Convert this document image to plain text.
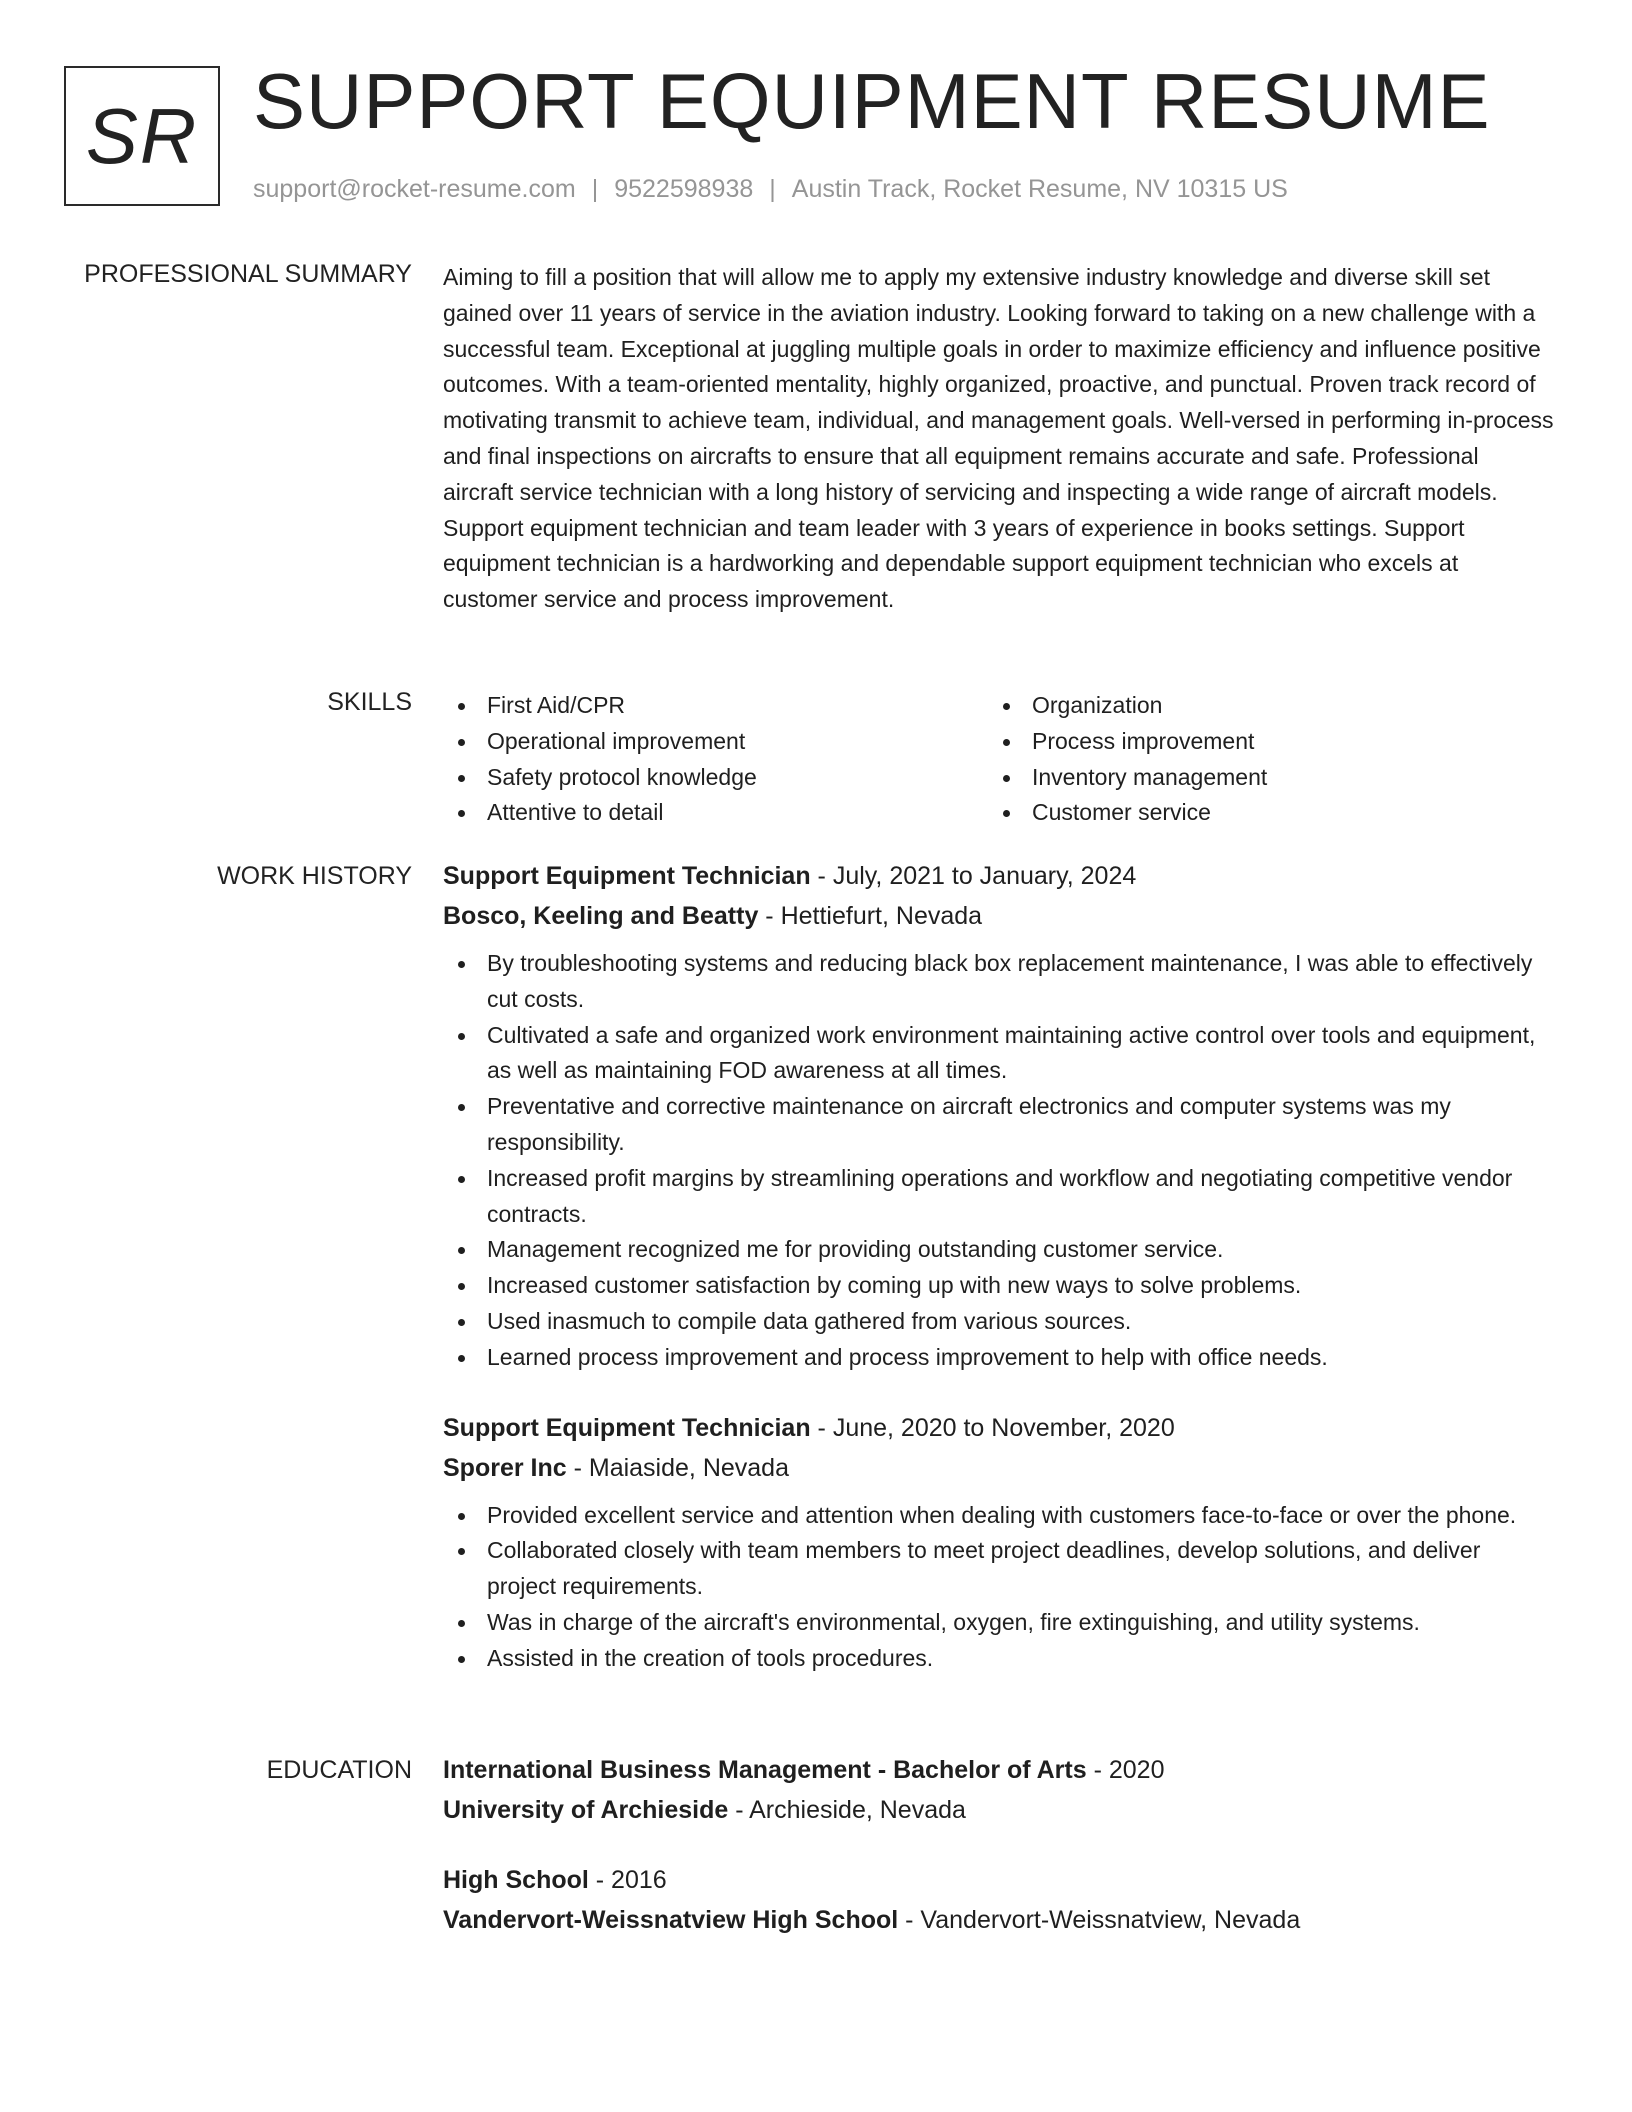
SR SUPPORT EQUIPMENT RESUME
support@rocket-resume.com | 9522598938 | Austin Track, Rocket Resume, NV 10315 US
PROFESSIONAL SUMMARY Aiming to fill a position that will allow me to apply my extensive industry knowledge and diverse skill set gained over 11 years of service in the aviation industry. Looking forward to taking on a new challenge with a successful team. Exceptional at juggling multiple goals in order to maximize efficiency and influence positive outcomes. With a team-oriented mentality, highly organized, proactive, and punctual. Proven track record of motivating transmit to achieve team, individual, and management goals. Well-versed in performing in-process and final inspections on aircrafts to ensure that all equipment remains accurate and safe. Professional aircraft service technician with a long history of servicing and inspecting a wide range of aircraft models. Support equipment technician and team leader with 3 years of experience in books settings. Support equipment technician is a hardworking and dependable support equipment technician who excels at customer service and process improvement.

SKILLS	First Aid/CPR
Operational improvement
Safety protocol knowledge
Attentive to detail
Organization
Process improvement
Inventory management
Customer service
WORK HISTORY Support Equipment Technician - July, 2021 to January, 2024
Bosco, Keeling and Beatty - Hettiefurt, Nevada
By troubleshooting systems and reducing black box replacement maintenance, I was able to effectively cut costs.
Cultivated a safe and organized work environment maintaining active control over tools and equipment, as well as maintaining FOD awareness at all times.
Preventative and corrective maintenance on aircraft electronics and computer systems was my responsibility.
Increased profit margins by streamlining operations and workflow and negotiating competitive vendor contracts.
Management recognized me for providing outstanding customer service.
Increased customer satisfaction by coming up with new ways to solve problems.
Used inasmuch to compile data gathered from various sources.
Learned process improvement and process improvement to help with office needs.
Support Equipment Technician - June, 2020 to November, 2020
Sporer Inc - Maiaside, Nevada
Provided excellent service and attention when dealing with customers face-to-face or over the phone.
Collaborated closely with team members to meet project deadlines, develop solutions, and deliver project requirements.
Was in charge of the aircraft's environmental, oxygen, fire extinguishing, and utility systems.
Assisted in the creation of tools procedures.
EDUCATION International Business Management - Bachelor of Arts - 2020
University of Archieside - Archieside, Nevada
High School - 2016
Vandervort-Weissnatview High School - Vandervort-Weissnatview, Nevada
